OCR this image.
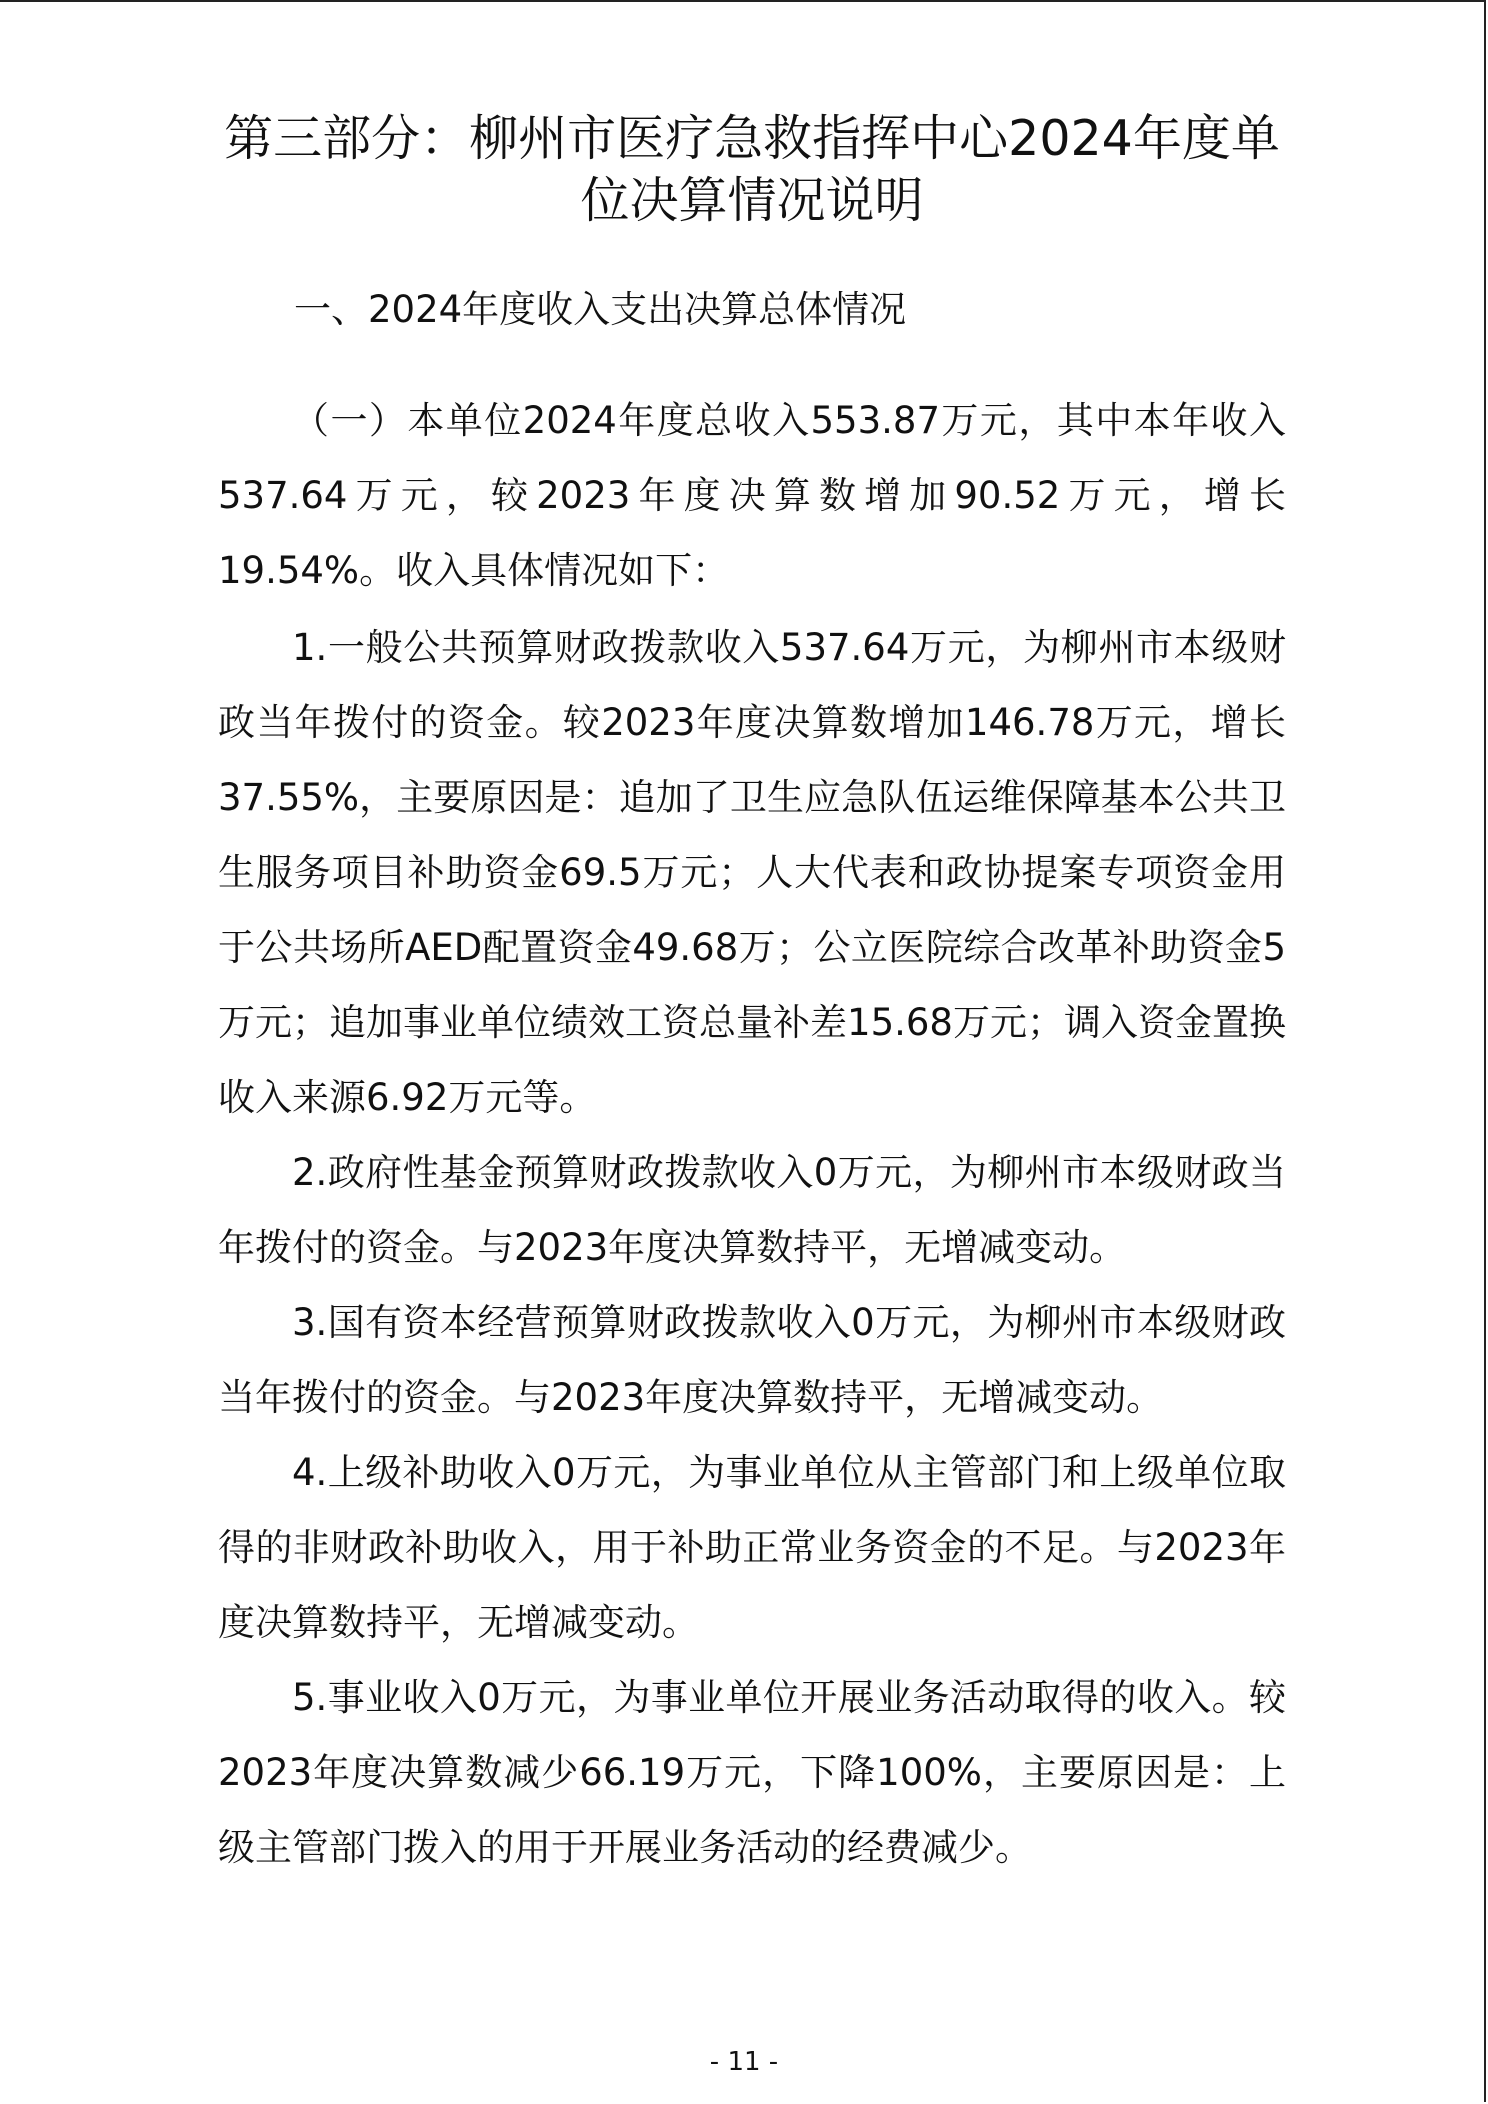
第三部分：柳州市医疗急救指挥中心2024年度单位决算情况说明

一、2024年度收入支出决算总体情况

（一）本单位2024年度总收入553.87万元，其中本年收入537.64万元，较2023年度决算数增加90.52万元，增长19.54%。收入具体情况如下：

1.一般公共预算财政拨款收入537.64万元，为柳州市本级财政当年拨付的资金。较2023年度决算数增加146.78万元，增长37.55%，主要原因是：追加了卫生应急队伍运维保障基本公共卫生服务项目补助资金69.5万元；人大代表和政协提案专项资金用于公共场所AED配置资金49.68万；公立医院综合改革补助资金5万元；追加事业单位绩效工资总量补差15.68万元；调入资金置换收入来源6.92万元等。

2.政府性基金预算财政拨款收入0万元，为柳州市本级财政当年拨付的资金。与2023年度决算数持平，无增减变动。

3.国有资本经营预算财政拨款收入0万元，为柳州市本级财政当年拨付的资金。与2023年度决算数持平，无增减变动。

4.上级补助收入0万元，为事业单位从主管部门和上级单位取得的非财政补助收入，用于补助正常业务资金的不足。与2023年度决算数持平，无增减变动。

5.事业收入0万元，为事业单位开展业务活动取得的收入。较2023年度决算数减少66.19万元，下降100%，主要原因是：上级主管部门拨入的用于开展业务活动的经费减少。

- 11 -
